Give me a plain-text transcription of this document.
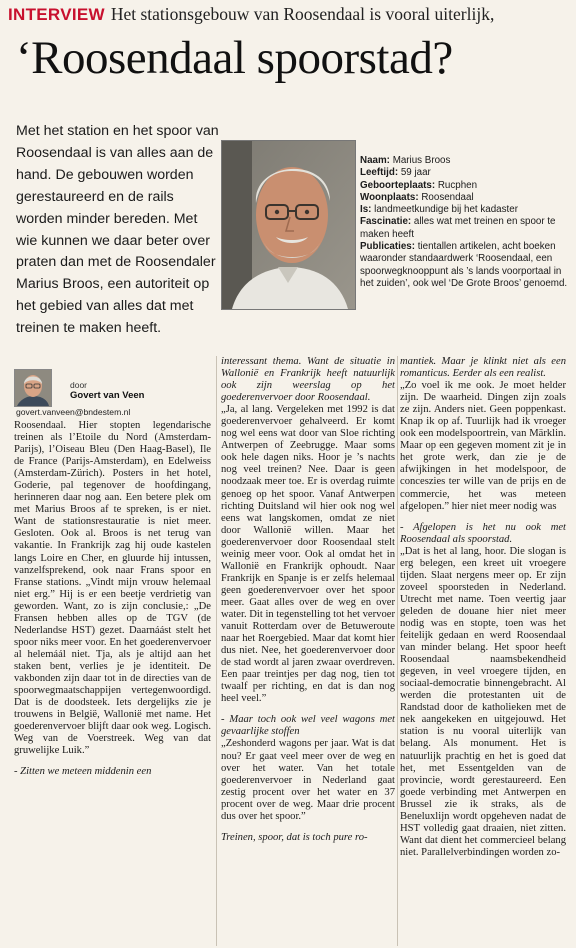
INTERVIEW Het stationsgebouw van Roosendaal is vooral uiterlijk,
‘Roosendaal spoorstad?
Met het station en het spoor van Roosendaal is van alles aan de hand. De gebouwen worden gerestaureerd en de rails worden minder bereden. Met wie kunnen we daar beter over praten dan met de Roosendaler Marius Broos, een autoriteit op het gebied van alles dat met treinen te maken heeft.
Naam: Marius Broos
Leeftijd: 59 jaar
Geboorteplaats: Rucphen
Woonplaats: Roosendaal
Is: landmeetkundige bij het kadaster
Fascinatie: alles wat met treinen en spoor te maken heeft
Publicaties: tientallen artikelen, acht boeken waaronder standaardwerk ‘Roosendaal, een spoorwegknooppunt als ’s lands voorportaal in het zuiden’, ook wel ‘De Grote Broos’ genoemd.
door
Govert van Veen
govert.vanveen@bndestem.nl

Roosendaal. Hier stopten legendarische treinen als l’Etoile du Nord (Amsterdam-Parijs), l’Oiseau Bleu (Den Haag-Basel), Ile de France (Parijs-Amsterdam), en Edelweiss (Amsterdam-Zürich). Posters in het hotel, Goderie, pal tegenover de hoofdingang, herinneren daar nog aan. Een betere plek om met Marius Broos af te spreken, is er niet. Want de stationsrestauratie is niet meer. Gesloten. Ook al. Broos is net terug van vakantie. In Frankrijk zag hij oude kastelen langs Loire en Cher, en gluurde hij intussen, vanzelfsprekend, ook naar Frans spoor en Franse stations. „Vindt mijn vrouw helemaal niet erg.” Hij is er een beetje verdrietig van geworden. Want, zo is zijn conclusie,: „De Fransen hebben alles op de TGV (de Nederlandse HST) gezet. Daarnáást stelt het spoor niks meer voor. En het goederenvervoer al helemáál niet. Tja, als je altijd aan het staken bent, verlies je je identiteit. De vakbonden zijn daar tot in de directies van de spoorwegmaatschappijen vertegenwoordigd. Dat is de doodsteek. Iets dergelijks zie je trouwens in België, Wallonië met name. Het goederenvervoer blijft daar ook weg. Logisch. Weg van de Voerstreek. Weg van dat gruwelijke Luik.”

- Zitten we meteen middenin een

interessant thema. Want de situatie in Wallonië en Frankrijk heeft natuurlijk ook zijn weerslag op het goederenvervoer door Roosendaal.

„Ja, al lang. Vergeleken met 1992 is dat goederenvervoer gehalveerd. Er komt nog wel eens wat door van Sloe richting Antwerpen of Zeebrugge. Maar soms ook hele dagen niks. Hoor je ’s nachts nog veel treinen? Nee. Daar is geen noodzaak meer toe. Er is overdag ruimte genoeg op het spoor. Vanaf Antwerpen richting Duitsland wil hier ook nog wel eens wat langskomen, omdat ze niet door Wallonië willen. Maar het goederenvervoer door Roosendaal stelt weinig meer voor. Ook al omdat het in Wallonië en Frankrijk ophoudt. Naar Frankrijk en Spanje is er zelfs helemaal geen goederenvervoer over het spoor meer. Gaat alles over de weg en over water. Dit in tegenstelling tot het vervoer vanuit Rotterdam over de Betuweroute naar het Roergebied. Maar dat komt hier dus niet. Nee, het goederenvervoer door de stad wordt al jaren zwaar overdreven. Een paar treintjes per dag nog, tien tot twaalf per richting, en dat is dan nog heel veel.”

- Maar toch ook wel veel wagons met gevaarlijke stoffen

„Zeshonderd wagons per jaar. Wat is dat nou? Er gaat veel meer over de weg en over het water. Van het totale goederenvervoer in Nederland gaat zestig procent over het water en 37 procent over de weg. Maar drie procent dus over het spoor.”

Treinen, spoor, dat is toch pure ro-

mantiek. Maar je klinkt niet als een romanticus. Eerder als een realist.

„Zo voel ik me ook. Je moet helder zijn. De waarheid. Dingen zijn zoals ze zijn. Anders niet. Geen poppenkast. Knap ik op af. Tuurlijk had ik vroeger ook een modelspoortrein, van Märklin. Maar op een gegeven moment zit je in het grote werk, dan zie je de afwijkingen in het modelspoor, de conceszies ter wille van de prijs en de commercie, het was meteen afgelopen.” hier niet meer nodig was

- Afgelopen is het nu ook met Roosendaal als spoorstad.

„Dat is het al lang, hoor. Die slogan is erg belegen, een kreet uit vroegere tijden. Slaat nergens meer op. Er zijn zoveel spoorsteden in Nederland. Utrecht met name. Toen veertig jaar geleden de douane hier niet meer nodig was en stopte, toen was het feitelijk gedaan en werd Roosendaal van minder belang. Het spoor heeft Roosendaal naamsbekendheid gegeven, in veel vroegere tijden, en sociaal-democratie binnengebracht. Al werden die protestanten uit de Randstad door de katholieken met de nek aangekeken en uitgejouwd. Het station is nu vooral uiterlijk van belang. Als monument. Het is natuurlijk prachtig en het is goed dat het, met Essentgelden van de provincie, wordt gerestaureerd. Een goede verbinding met Antwerpen en Brussel zie ik straks, als de Beneluxlijn wordt opgeheven nadat de HST volledig gaat draaien, niet zitten. Want dat dient het commercieel belang niet. Parallelverbindingen worden zo-
